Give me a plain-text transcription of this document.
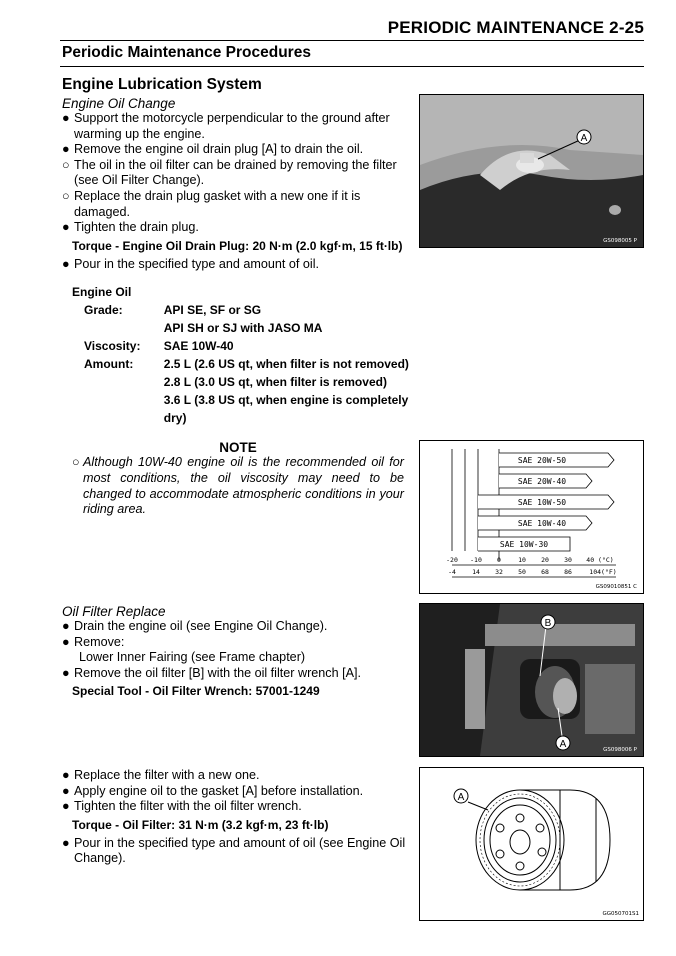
PERIODIC MAINTENANCE 2-25
Periodic Maintenance Procedures
Engine Lubrication System
Engine Oil Change
● Support the motorcycle perpendicular to the ground after warming up the engine.
● Remove the engine oil drain plug [A] to drain the oil.
○ The oil in the oil filter can be drained by removing the filter (see Oil Filter Change).
○ Replace the drain plug gasket with a new one if it is damaged.
● Tighten the drain plug.
Torque - Engine Oil Drain Plug: 20 N·m (2.0 kgf·m, 15 ft·lb)
● Pour in the specified type and amount of oil.
Engine Oil	
Grade:	API SE, SF or SG
	API SH or SJ with JASO MA
Viscosity:	SAE 10W-40
Amount:	2.5 L (2.6 US qt, when filter is not removed)
	2.8 L (3.0 US qt, when filter is removed)
	3.6 L (3.8 US qt, when engine is completely dry)
NOTE
○ Although 10W-40 engine oil is the recommended oil for most conditions, the oil viscosity may need to be changed to accommodate atmospheric conditions in your riding area.
Oil Filter Replace
● Drain the engine oil (see Engine Oil Change).
● Remove:
Lower Inner Fairing (see Frame chapter)
● Remove the oil filter [B] with the oil filter wrench [A].
Special Tool - Oil Filter Wrench: 57001-1249
● Replace the filter with a new one.
● Apply engine oil to the gasket [A] before installation.
● Tighten the filter with the oil filter wrench.
Torque - Oil Filter: 31 N·m (3.2 kgf·m, 23 ft·lb)
● Pour in the specified type and amount of oil (see Engine Oil Change).
A
GS098005 P
SAE 20W-50
SAE 20W-40
SAE 10W-50
SAE 10W-40
SAE 10W-30
-20 -10 0	10 20 30 40 (°C)
-4 14 32 50 68 86	104(°F)
GS09010851 C
B
A	GS098006 P
A
GG050701S1
